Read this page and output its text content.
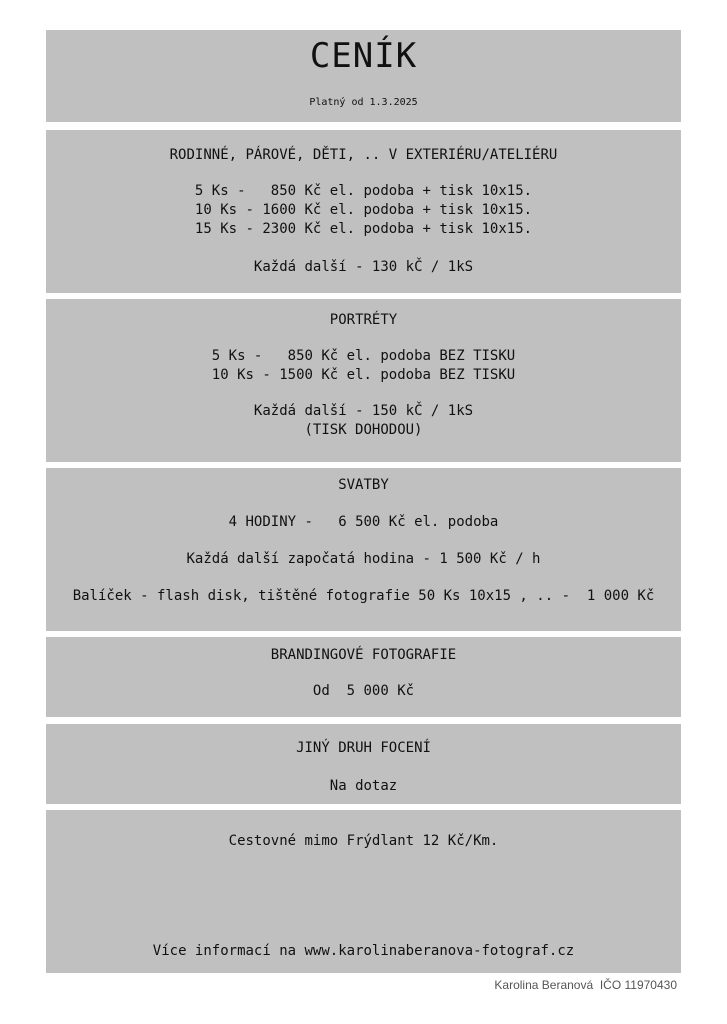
CENÍK
Platný od 1.3.2025
RODINNÉ, PÁROVÉ, DĚTI, .. V EXTERIÉRU/ATELIÉRU
5 Ks -   850 Kč el. podoba + tisk 10x15.
10 Ks - 1600 Kč el. podoba + tisk 10x15.
15 Ks - 2300 Kč el. podoba + tisk 10x15.
Každá další - 130 kČ / 1kS
PORTRÉTY
5 Ks -   850 Kč el. podoba BEZ TISKU
10 Ks - 1500 Kč el. podoba BEZ TISKU
Každá další - 150 kČ / 1kS
(TISK DOHODOU)
SVATBY
4 HODINY -   6 500 Kč el. podoba
Každá další započatá hodina - 1 500 Kč / h
Balíček - flash disk, tištěné fotografie 50 Ks 10x15 , .. -  1 000 Kč
BRANDINGOVÉ FOTOGRAFIE
Od  5 000 Kč
JINÝ DRUH FOCENÍ
Na dotaz
Cestovné mimo Frýdlant 12 Kč/Km.
Více informací na www.karolinaberanova-fotograf.cz
Karolina Beranová  IČO 11970430
